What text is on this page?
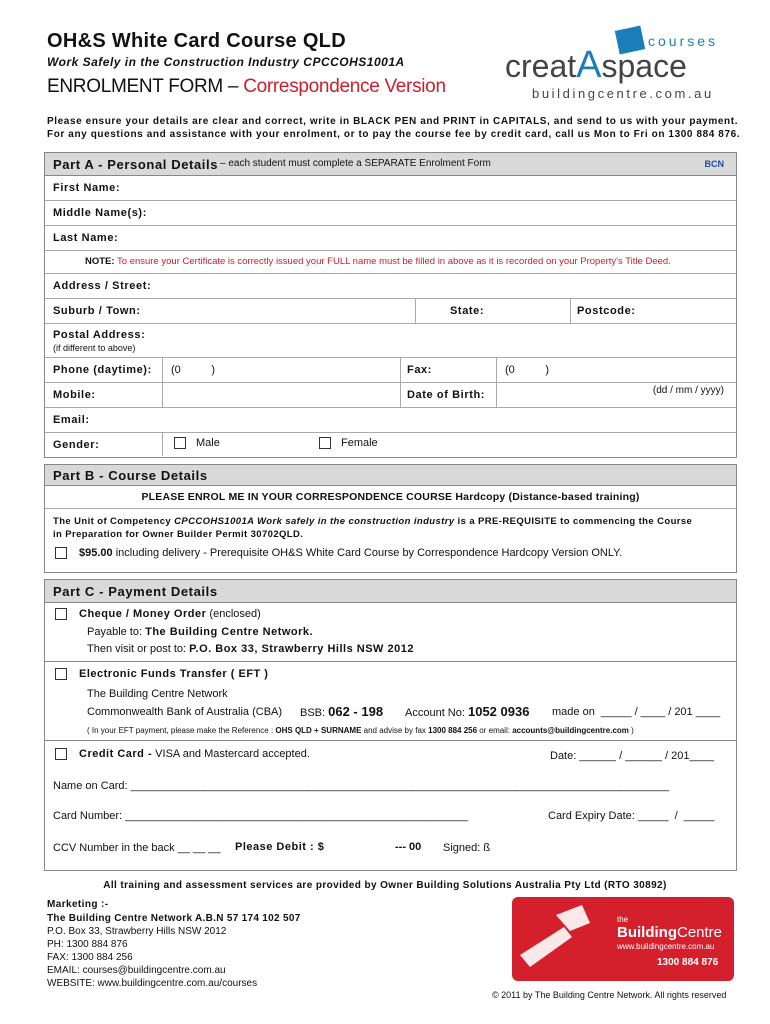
OH&S White Card Course QLD
Work Safely in the Construction Industry CPCCOHS1001A
ENROLMENT FORM – Correspondence Version
courses
creatAspace
buildingcentre.com.au
Please ensure your details are clear and correct, write in BLACK PEN and PRINT in CAPITALS, and send to us with your payment.
For any questions and assistance with your enrolment, or to pay the course fee by credit card, call us Mon to Fri on 1300 884 876.
Part A - Personal Details – each student must complete a SEPARATE Enrolment Form	BCN
First Name:
Middle Name(s):
Last Name:
NOTE: To ensure your Certificate is correctly issued your FULL name must be filled in above as it is recorded on your Property's Title Deed.
Address / Street:
Suburb / Town:	State:	Postcode:
Postal Address:
(if different to above)
Phone (daytime): (0          )	Fax:	(0          )
Mobile:	Date of Birth:	(dd / mm / yyyy)
Email:
Gender:	Male	Female
Part B - Course Details
PLEASE ENROL ME IN YOUR CORRESPONDENCE COURSE Hardcopy (Distance-based training)
The Unit of Competency CPCCOHS1001A Work safely in the construction industry is a PRE-REQUISITE to commencing the Course
in Preparation for Owner Builder Permit 30702QLD.
$95.00 including delivery - Prerequisite OH&S White Card Course by Correspondence Hardcopy Version ONLY.
Part C - Payment Details
Cheque / Money Order (enclosed)
Payable to: The Building Centre Network.
Then visit or post to: P.O. Box 33, Strawberry Hills NSW 2012
Electronic Funds Transfer ( EFT )
The Building Centre Network
Commonwealth Bank of Australia (CBA) BSB: 062 - 198 Account No: 1052 0936 made on  _____ / ____ / 201 ____
( In your EFT payment, please make the Reference : OHS QLD + SURNAME and advise by fax 1300 884 256 or email: accounts@buildingcentre.com )
Credit Card - VISA and Mastercard accepted.	Date: ______ / ______ / 201____
Name on Card: ________________________________________________________________________________________
Card Number: ________________________________________________________	Card Expiry Date: _____  /  _____
CCV Number in the back __ __ __ Please Debit : $	--- 00 Signed: ß
All training and assessment services are provided by Owner Building Solutions Australia Pty Ltd (RTO 30892)
Marketing :-
The Building Centre Network A.B.N 57 174 102 507
P.O. Box 33, Strawberry Hills NSW 2012
PH: 1300 884 876
FAX: 1300 884 256
EMAIL: courses@buildingcentre.com.au
WEBSITE: www.buildingcentre.com.au/courses
the
BuildingCentre
www.buildingcentre.com.au
1300 884 876
© 2011 by The Building Centre Network. All rights reserved
